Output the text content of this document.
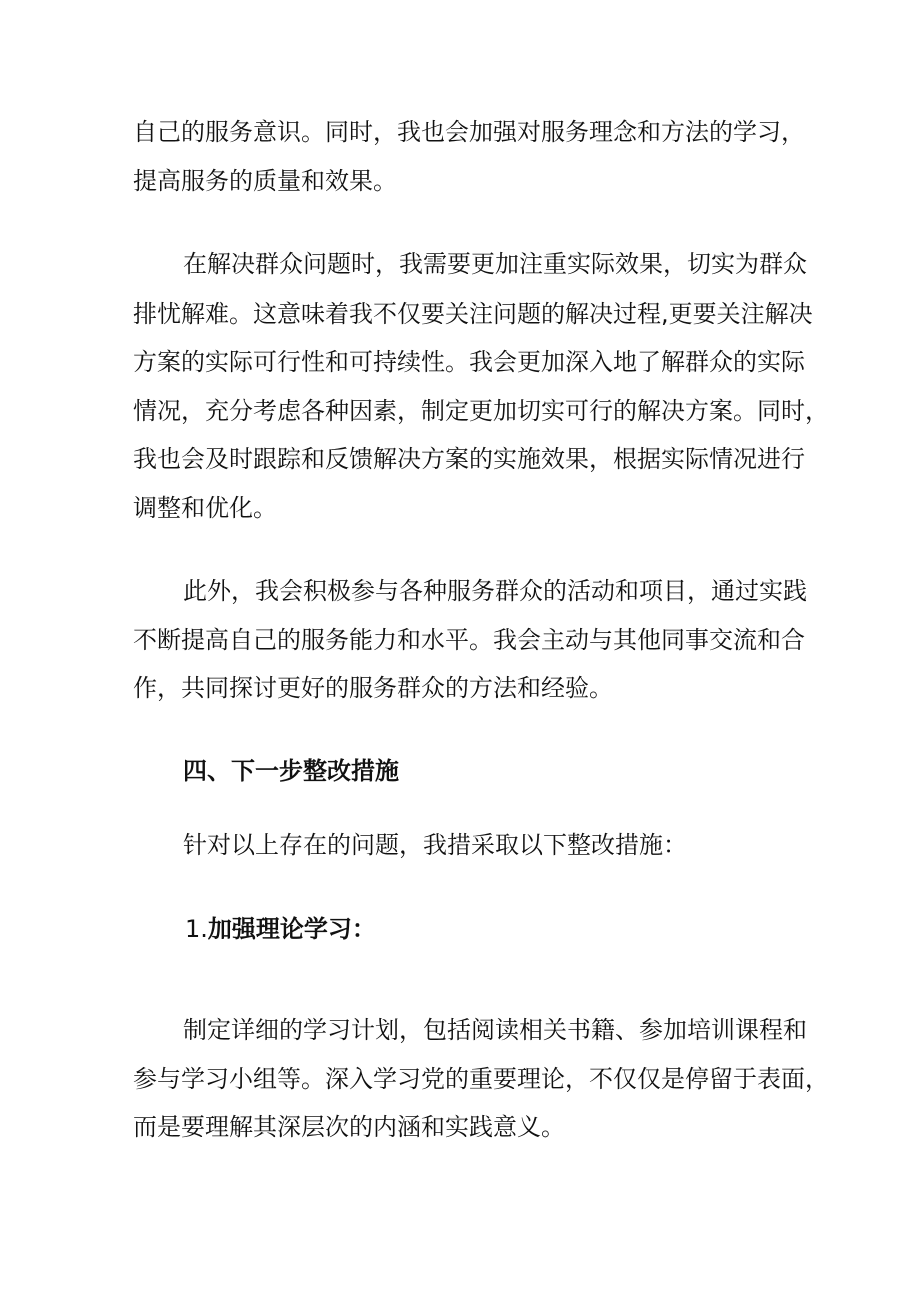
自己的服务意识。同时，我也会加强对服务理念和方法的学习，
提高服务的质量和效果。
在解决群众问题时，我需要更加注重实际效果，切实为群众
排忧解难。这意味着我不仅要关注问题的解决过程,更要关注解决
方案的实际可行性和可持续性。我会更加深入地了解群众的实际
情况，充分考虑各种因素，制定更加切实可行的解决方案。同时，
我也会及时跟踪和反馈解决方案的实施效果，根据实际情况进行
调整和优化。
此外，我会积极参与各种服务群众的活动和项目，通过实践
不断提高自己的服务能力和水平。我会主动与其他同事交流和合
作，共同探讨更好的服务群众的方法和经验。
四、下一步整改措施
针对以上存在的问题，我措采取以下整改措施：
1.加强理论学习：
制定详细的学习计划，包括阅读相关书籍、参加培训课程和
参与学习小组等。深入学习党的重要理论，不仅仅是停留于表面，
而是要理解其深层次的内涵和实践意义。
